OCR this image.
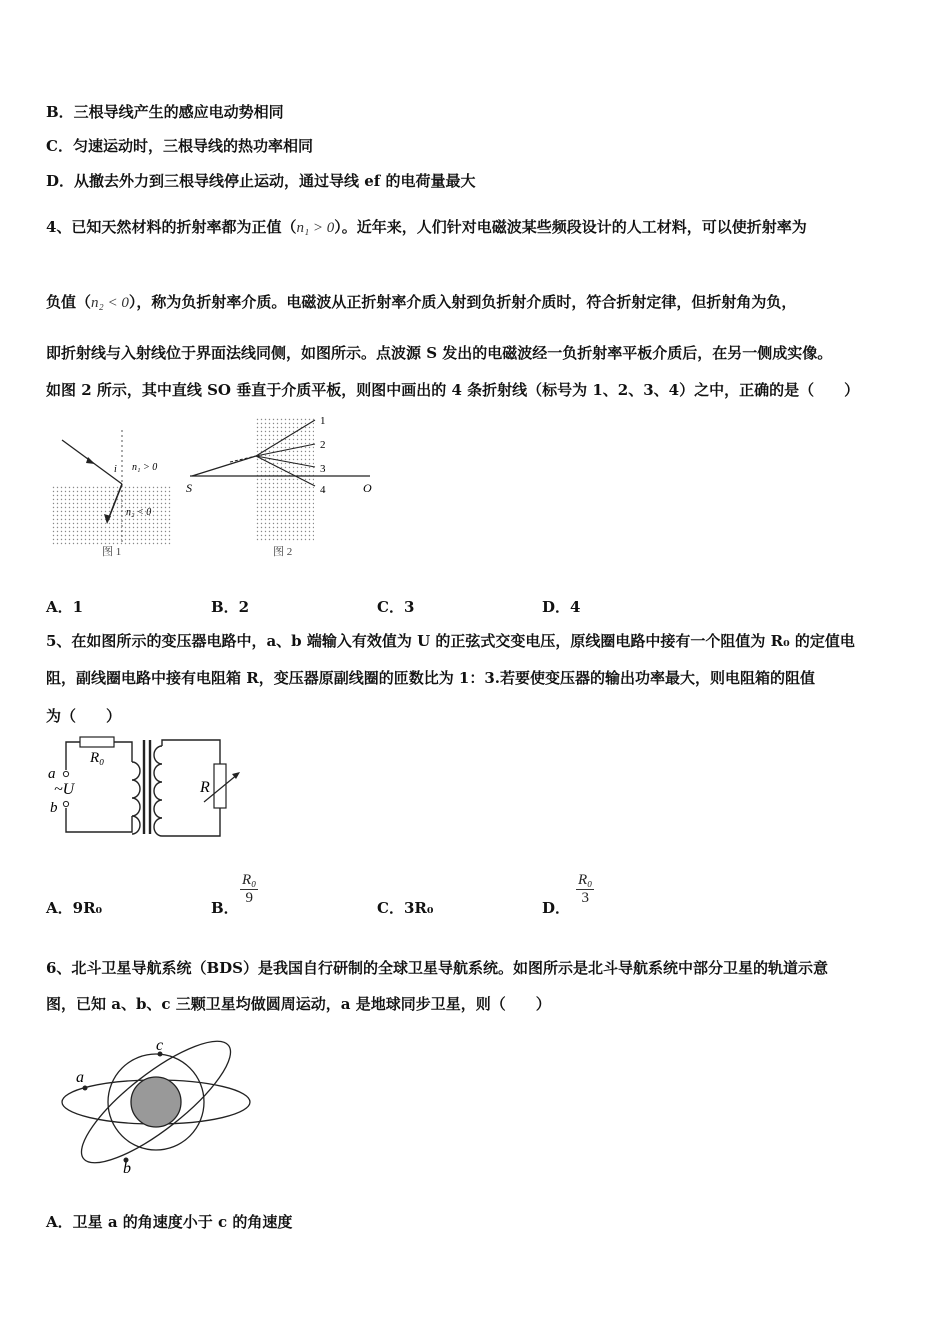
B．三根导线产生的感应电动势相同
C．匀速运动时，三根导线的热功率相同
D．从撤去外力到三根导线停止运动，通过导线 ef 的电荷量最大
4、已知天然材料的折射率都为正值（n₁ > 0）。近年来，人们针对电磁波某些频段设计的人工材料，可以使折射率为
负值（n₂ < 0），称为负折射率介质。电磁波从正折射率介质入射到负折射介质时，符合折射定律，但折射角为负，
即折射线与入射线位于界面法线同侧，如图所示。点波源 S 发出的电磁波经一负折射率平板介质后，在另一侧成实像。
如图 2 所示，其中直线 SO 垂直于介质平板，则图中画出的 4 条折射线（标号为 1、2、3、4）之中，正确的是（　　）
i n₁ > 0
n₂ < 0
图 1
1
2
3
4
S	O
图 2
A．1	B．2	C．3	D．4
5、在如图所示的变压器电路中，a、b 端输入有效值为 U 的正弦式交变电压，原线圈电路中接有一个阻值为 R₀ 的定值电
阻，副线圈电路中接有电阻箱 R，变压器原副线圈的匝数比为 1：3.若要使变压器的输出功率最大，则电阻箱的阻值
为（　　）
R₀
a
~U
b
R
A．9R₀	B．
$\frac{\text{R₀}}{9}$
C．3R₀	D．
$\frac{\text{R₀}}{3}$
6、北斗卫星导航系统（BDS）是我国自行研制的全球卫星导航系统。如图所示是北斗导航系统中部分卫星的轨道示意
图，已知 a、b、c 三颗卫星均做圆周运动，a 是地球同步卫星，则（　　）
a
c
b
A．卫星 a 的角速度小于 c 的角速度
